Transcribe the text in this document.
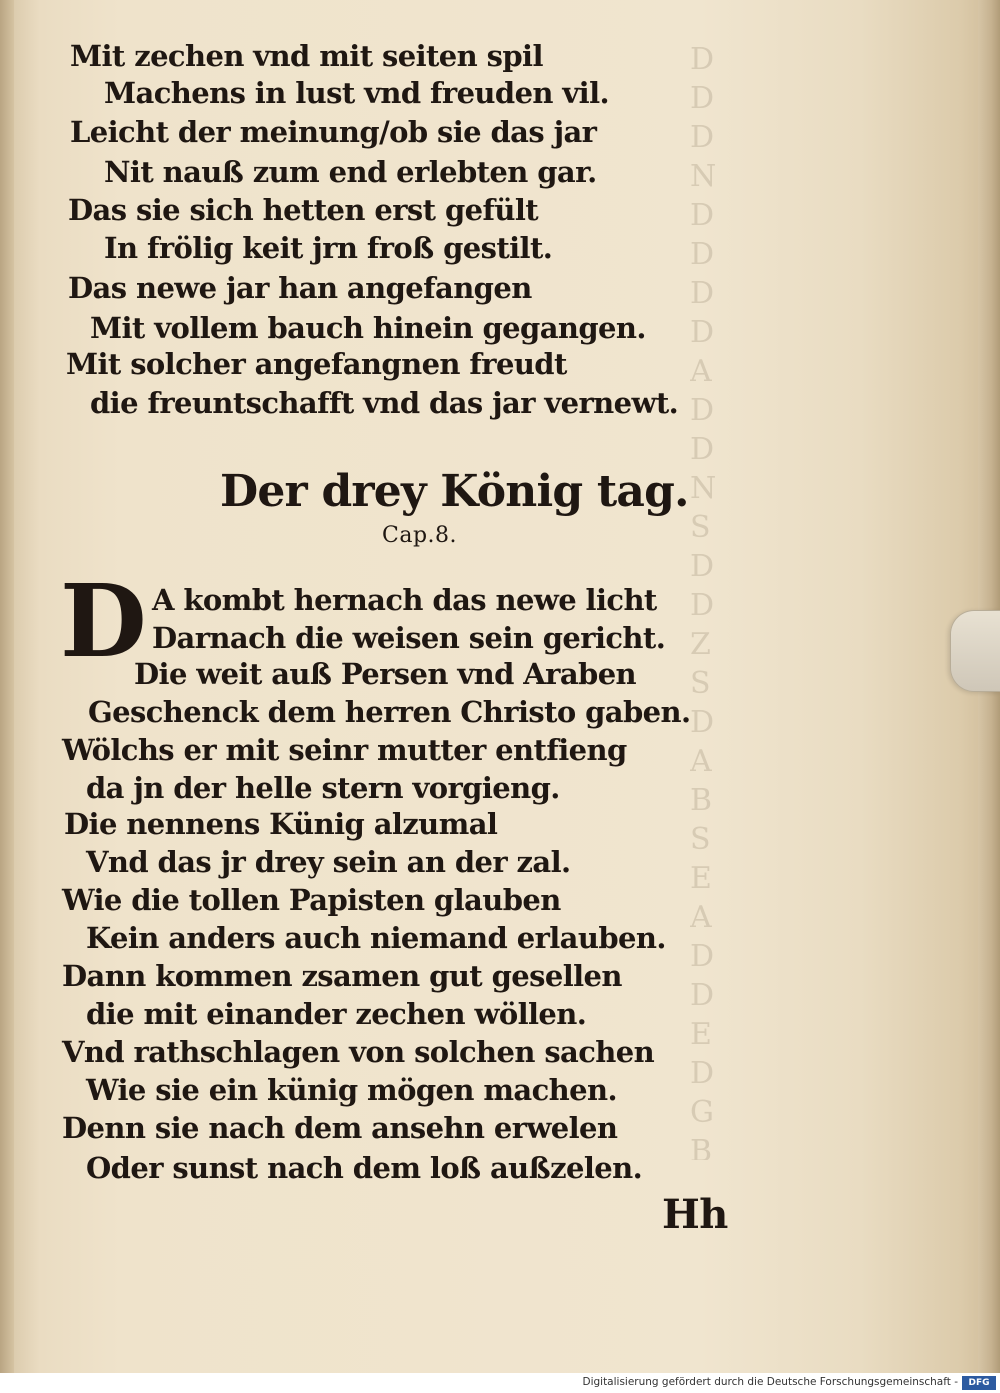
D
D
D
N
D
D
D
D
A
D
D
N
S
D
D
Z
S
D
A
B
S
E
A
D
D
E
D
G
B
Mit zechen vnd mit seiten spil
Machens in lust vnd freuden vil.
Leicht der meinung/ob sie das jar
Nit nauß zum end erlebten gar.
Das sie sich hetten erst gefült
In frölig keit jrn froß gestilt.
Das newe jar han angefangen
Mit vollem bauch hinein gegangen.
Mit solcher angefangnen freudt
die freuntschafft vnd das jar vernewt.
Der drey König tag.
Cap.8.
D A kombt hernach das newe licht
Darnach die weisen sein gericht.
Die weit auß Persen vnd Araben
Geschenck dem herren Christo gaben.
Wölchs er mit seinr mutter entfieng
da jn der helle stern vorgieng.
Die nennens Künig alzumal
Vnd das jr drey sein an der zal.
Wie die tollen Papisten glauben
Kein anders auch niemand erlauben.
Dann kommen zsamen gut gesellen
die mit einander zechen wöllen.
Vnd rathschlagen von solchen sachen
Wie sie ein künig mögen machen.
Denn sie nach dem ansehn erwelen
Oder sunst nach dem loß außzelen.
Hh
Digitalisierung gefördert durch die Deutsche Forschungsgemeinschaft -	DFG
